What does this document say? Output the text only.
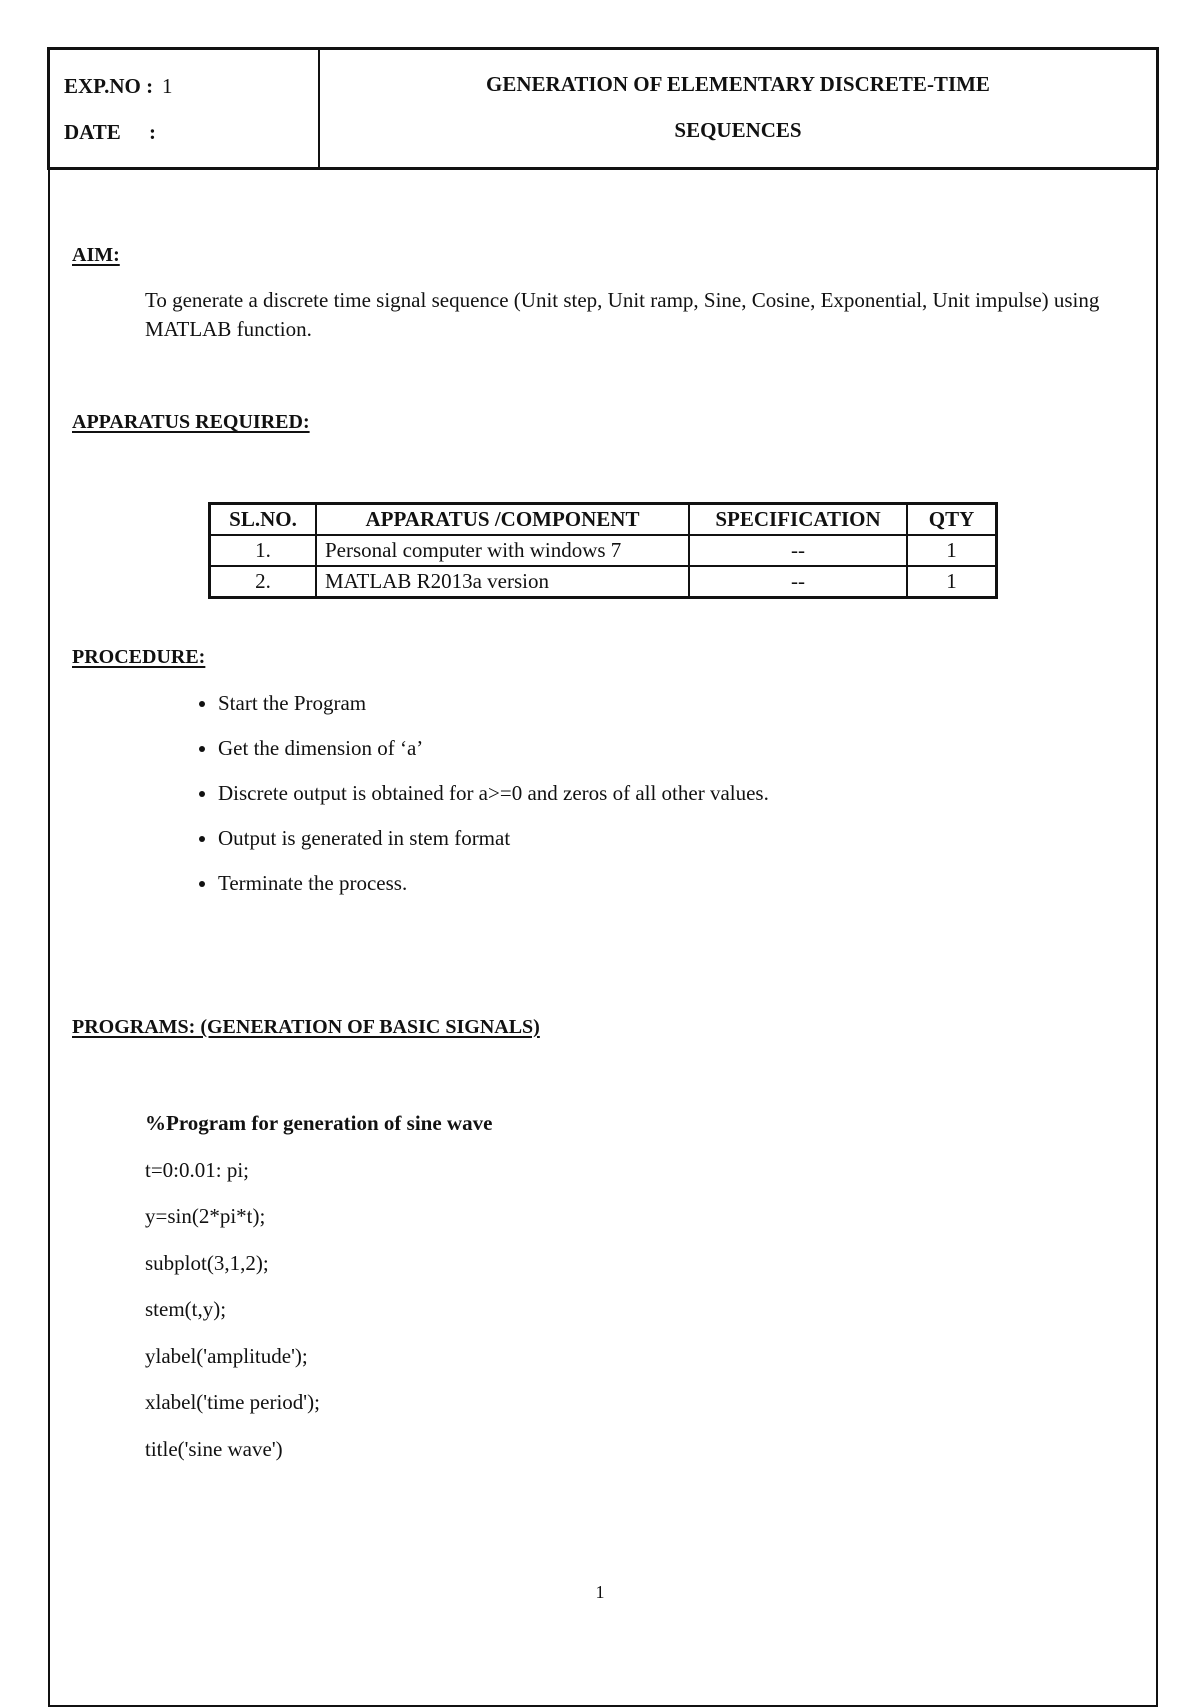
EXP.NO : 1
DATE	:
GENERATION OF ELEMENTARY DISCRETE-TIME
SEQUENCES
AIM:
To generate a discrete time signal sequence (Unit step, Unit ramp, Sine, Cosine, Exponential, Unit impulse) using MATLAB function.
APPARATUS REQUIRED:
SL.NO.	APPARATUS /COMPONENT	SPECIFICATION	QTY
1.	Personal computer with windows 7	--	1
2.	MATLAB R2013a version	--	1
PROCEDURE:
• Start the Program
• Get the dimension of ‘a’
• Discrete output is obtained for a>=0 and zeros of all other values.
• Output is generated in stem format
• Terminate the process.
PROGRAMS: (GENERATION OF BASIC SIGNALS)
%Program for generation of sine wave
t=0:0.01: pi;
y=sin(2*pi*t);
subplot(3,1,2);
stem(t,y);
ylabel('amplitude');
xlabel('time period');
title('sine wave')
1
